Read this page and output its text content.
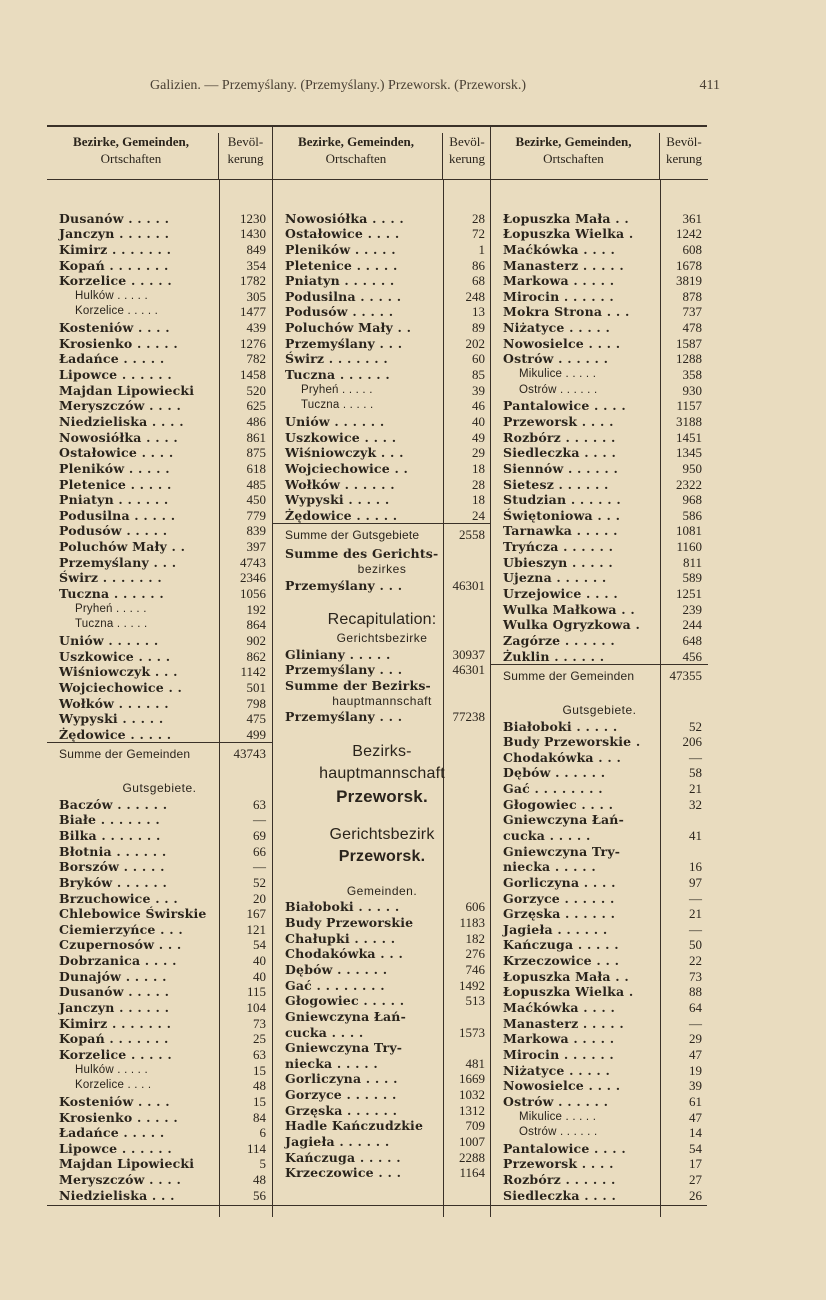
Galizien. — Przemyślany. (Przemyślany.) Przeworsk. (Przeworsk.)	411
Bezirke, Gemeinden,
Ortschaften
Bevöl-
kerung
Dusanów . . . . .	1230
Janczyn . . . . . .	1430
Kimirz . . . . . . .	849
Kopań . . . . . . .	354
Korzelice . . . . .	1782
Hulków . . . . .	305
Korzelice . . . . .	1477
Kosteniów . . . .	439
Krosienko . . . . .	1276
Ładańce . . . . .	782
Lipowce . . . . . .	1458
Majdan Lipowiecki	520
Meryszczów . . . .	625
Niedzieliska . . . .	486
Nowosiółka . . . .	861
Ostałowice . . . .	875
Pleników . . . . .	618
Pletenice . . . . .	485
Pniatyn . . . . . .	450
Podusilna . . . . .	779
Podusów . . . . .	839
Poluchów Mały . .	397
Przemyślany . . .	4743
Świrz . . . . . . .	2346
Tuczna . . . . . .	1056
Pryheń . . . . .	192
Tuczna . . . . .	864
Uniów . . . . . .	902
Uszkowice . . . .	862
Wiśniowczyk . . .	1142
Wojciechowice . .	501
Wołków . . . . . .	798
Wypyski . . . . .	475
Żędowice . . . . .	499
Summe der Gemeinden	43743
Gutsgebiete.
Baczów . . . . . .	63
Białe . . . . . . .	—
Bilka . . . . . . .	69
Błotnia . . . . . .	66
Borszów . . . . .	—
Bryków . . . . . .	52
Brzuchowice . . .	20
Chlebowice Świrskie	167
Ciemierzyńce . . .	121
Czupernosów . . .	54
Dobrzanica . . . .	40
Dunajów . . . . .	40
Dusanów . . . . .	115
Janczyn . . . . . .	104
Kimirz . . . . . . .	73
Kopań . . . . . . .	25
Korzelice . . . . .	63
Hulków . . . . .	15
Korzelice . . . .	48
Kosteniów . . . .	15
Krosienko . . . . .	84
Ładańce . . . . .	6
Lipowce . . . . . .	114
Majdan Lipowiecki	5
Meryszczów . . . .	48
Niedzieliska . . .	56
Bezirke, Gemeinden,
Ortschaften
Bevöl-
kerung
Nowosiółka . . . .	28
Ostałowice . . . .	72
Pleników . . . . .	1
Pletenice . . . . .	86
Pniatyn . . . . . .	68
Podusilna . . . . .	248
Podusów . . . . .	13
Poluchów Mały . .	89
Przemyślany . . .	202
Świrz . . . . . . .	60
Tuczna . . . . . .	85
Pryheń . . . . .	39
Tuczna . . . . .	46
Uniów . . . . . .	40
Uszkowice . . . .	49
Wiśniowczyk . . .	29
Wojciechowice . .	18
Wołków . . . . . .	28
Wypyski . . . . .	18
Żędowice . . . . .	24
Summe der Gutsgebiete	2558
Summe des Gerichts-
bezirkes
Przemyślany . . .	46301
Recapitulation:
Gerichtsbezirke
Gliniany . . . . .	30937
Przemyślany . . .	46301
Summe der Bezirks-
hauptmannschaft
Przemyślany . . .	77238
Bezirks-
hauptmannschaft
Przeworsk.
Gerichtsbezirk
Przeworsk.
Gemeinden.
Białoboki . . . . .	606
Budy Przeworskie	1183
Chałupki . . . . .	182
Chodakówka . . .	276
Dębów . . . . . .	746
Gać . . . . . . . .	1492
Głogowiec . . . . .	513
Gniewczyna Łań-
cucka . . . .	1573
Gniewczyna Try-
niecka . . . . .	481
Gorliczyna . . . .	1669
Gorzyce . . . . . .	1032
Grzęska . . . . . .	1312
Hadle Kańczudzkie	709
Jagieła . . . . . .	1007
Kańczuga . . . . .	2288
Krzeczowice . . .	1164
Bezirke, Gemeinden,
Ortschaften
Bevöl-
kerung
Łopuszka Mała . .	361
Łopuszka Wielka .	1242
Maćkówka . . . .	608
Manasterz . . . . .	1678
Markowa . . . . .	3819
Mirocin . . . . . .	878
Mokra Strona . . .	737
Niżatyce . . . . .	478
Nowosielce . . . .	1587
Ostrów . . . . . .	1288
Mikulice . . . . .	358
Ostrów . . . . . .	930
Pantalowice . . . .	1157
Przeworsk . . . .	3188
Rozbórz . . . . . .	1451
Siedleczka . . . .	1345
Siennów . . . . . .	950
Sietesz . . . . . .	2322
Studzian . . . . . .	968
Świętoniowa . . .	586
Tarnawka . . . . .	1081
Tryńcza . . . . . .	1160
Ubieszyn . . . . .	811
Ujezna . . . . . .	589
Urzejowice . . . .	1251
Wulka Małkowa . .	239
Wulka Ogryzkowa .	244
Zagórze . . . . . .	648
Żuklin . . . . . .	456
Summe der Gemeinden	47355
Gutsgebiete.
Białoboki . . . . .	52
Budy Przeworskie .	206
Chodakówka . . .	—
Dębów . . . . . .	58
Gać . . . . . . . .	21
Głogowiec . . . .	32
Gniewczyna Łań-
cucka . . . . .	41
Gniewczyna Try-
niecka . . . . .	16
Gorliczyna . . . .	97
Gorzyce . . . . . .	—
Grzęska . . . . . .	21
Jagieła . . . . . .	—
Kańczuga . . . . .	50
Krzeczowice . . .	22
Łopuszka Mała . .	73
Łopuszka Wielka .	88
Maćkówka . . . .	64
Manasterz . . . . .	—
Markowa . . . . .	29
Mirocin . . . . . .	47
Niżatyce . . . . .	19
Nowosielce . . . .	39
Ostrów . . . . . .	61
Mikulice . . . . .	47
Ostrów . . . . . .	14
Pantalowice . . . .	54
Przeworsk . . . .	17
Rozbórz . . . . . .	27
Siedleczka . . . .	26
